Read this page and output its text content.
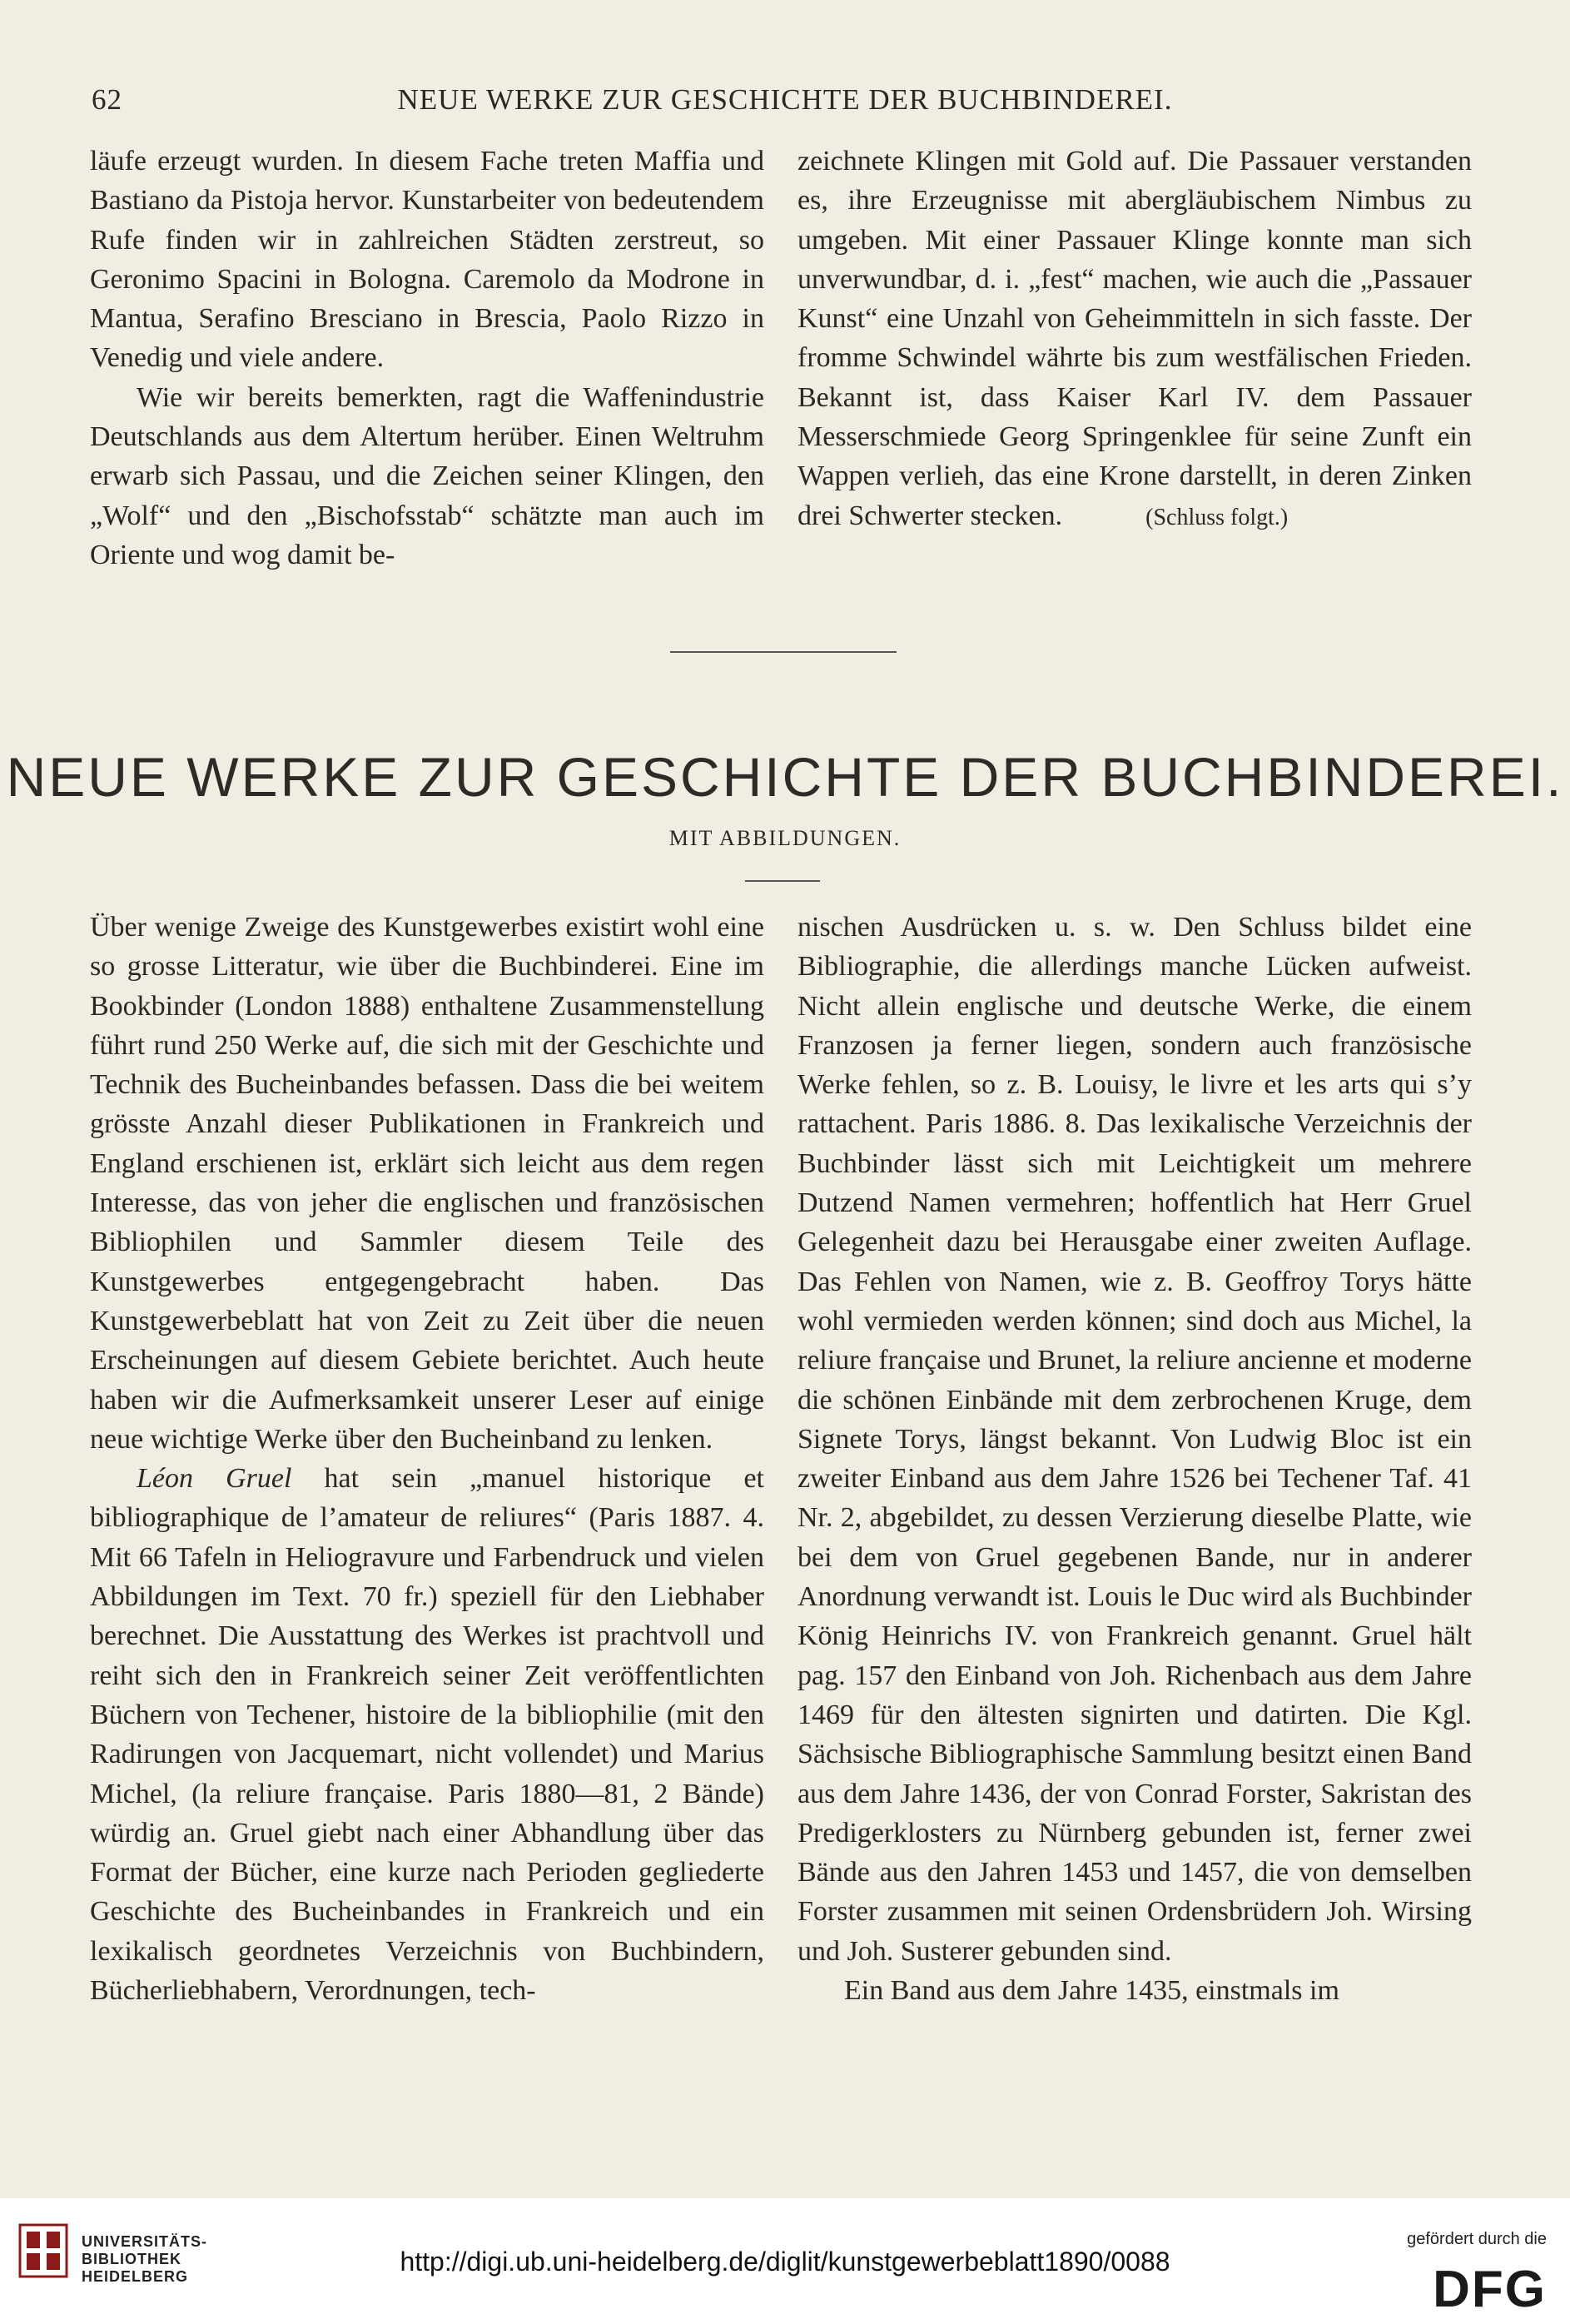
62	NEUE WERKE ZUR GESCHICHTE DER BUCHBINDEREI.

läufe erzeugt wurden. In diesem Fache treten Maffia und Bastiano da Pistoja hervor. Kunstarbeiter von bedeutendem Rufe finden wir in zahlreichen Städten zerstreut, so Geronimo Spacini in Bologna. Caremolo da Modrone in Mantua, Serafino Bresciano in Brescia, Paolo Rizzo in Venedig und viele andere.

Wie wir bereits bemerkten, ragt die Waffenindustrie Deutschlands aus dem Altertum herüber. Einen Weltruhm erwarb sich Passau, und die Zeichen seiner Klingen, den „Wolf“ und den „Bischofsstab“ schätzte man auch im Oriente und wog damit be-

zeichnete Klingen mit Gold auf. Die Passauer verstanden es, ihre Erzeugnisse mit abergläubischem Nimbus zu umgeben. Mit einer Passauer Klinge konnte man sich unverwundbar, d. i. „fest“ machen, wie auch die „Passauer Kunst“ eine Unzahl von Geheimmitteln in sich fasste. Der fromme Schwindel währte bis zum westfälischen Frieden. Bekannt ist, dass Kaiser Karl IV. dem Passauer Messerschmiede Georg Springenklee für seine Zunft ein Wappen verlieh, das eine Krone darstellt, in deren Zinken drei Schwerter stecken.	(Schluss folgt.)

NEUE WERKE ZUR GESCHICHTE DER BUCHBINDEREI.
MIT ABBILDUNGEN.

Über wenige Zweige des Kunstgewerbes existirt wohl eine so grosse Litteratur, wie über die Buchbinderei. Eine im Bookbinder (London 1888) enthaltene Zusammenstellung führt rund 250 Werke auf, die sich mit der Geschichte und Technik des Bucheinbandes befassen. Dass die bei weitem grösste Anzahl dieser Publikationen in Frankreich und England erschienen ist, erklärt sich leicht aus dem regen Interesse, das von jeher die englischen und französischen Bibliophilen und Sammler diesem Teile des Kunstgewerbes entgegengebracht haben. Das Kunstgewerbeblatt hat von Zeit zu Zeit über die neuen Erscheinungen auf diesem Gebiete berichtet. Auch heute haben wir die Aufmerksamkeit unserer Leser auf einige neue wichtige Werke über den Bucheinband zu lenken.

Léon Gruel hat sein „manuel historique et bibliographique de l’amateur de reliures“ (Paris 1887. 4. Mit 66 Tafeln in Heliogravure und Farbendruck und vielen Abbildungen im Text. 70 fr.) speziell für den Liebhaber berechnet. Die Ausstattung des Werkes ist prachtvoll und reiht sich den in Frankreich seiner Zeit veröffentlichten Büchern von Techener, histoire de la bibliophilie (mit den Radirungen von Jacquemart, nicht vollendet) und Marius Michel, (la reliure française. Paris 1880—81, 2 Bände) würdig an. Gruel giebt nach einer Abhandlung über das Format der Bücher, eine kurze nach Perioden gegliederte Geschichte des Bucheinbandes in Frankreich und ein lexikalisch geordnetes Verzeichnis von Buchbindern, Bücherliebhabern, Verordnungen, tech-

nischen Ausdrücken u. s. w. Den Schluss bildet eine Bibliographie, die allerdings manche Lücken aufweist. Nicht allein englische und deutsche Werke, die einem Franzosen ja ferner liegen, sondern auch französische Werke fehlen, so z. B. Louisy, le livre et les arts qui s’y rattachent. Paris 1886. 8. Das lexikalische Verzeichnis der Buchbinder lässt sich mit Leichtigkeit um mehrere Dutzend Namen vermehren; hoffentlich hat Herr Gruel Gelegenheit dazu bei Herausgabe einer zweiten Auflage. Das Fehlen von Namen, wie z. B. Geoffroy Torys hätte wohl vermieden werden können; sind doch aus Michel, la reliure française und Brunet, la reliure ancienne et moderne die schönen Einbände mit dem zerbrochenen Kruge, dem Signete Torys, längst bekannt. Von Ludwig Bloc ist ein zweiter Einband aus dem Jahre 1526 bei Techener Taf. 41 Nr. 2, abgebildet, zu dessen Verzierung dieselbe Platte, wie bei dem von Gruel gegebenen Bande, nur in anderer Anordnung verwandt ist. Louis le Duc wird als Buchbinder König Heinrichs IV. von Frankreich genannt. Gruel hält pag. 157 den Einband von Joh. Richenbach aus dem Jahre 1469 für den ältesten signirten und datirten. Die Kgl. Sächsische Bibliographische Sammlung besitzt einen Band aus dem Jahre 1436, der von Conrad Forster, Sakristan des Predigerklosters zu Nürnberg gebunden ist, ferner zwei Bände aus den Jahren 1453 und 1457, die von demselben Forster zusammen mit seinen Ordensbrüdern Joh. Wirsing und Joh. Susterer gebunden sind.

Ein Band aus dem Jahre 1435, einstmals im

UNIVERSITÄTS-
BIBLIOTHEK
HEIDELBERG	http://digi.ub.uni-heidelberg.de/diglit/kunstgewerbeblatt1890/0088
gefördert durch die
DFG
